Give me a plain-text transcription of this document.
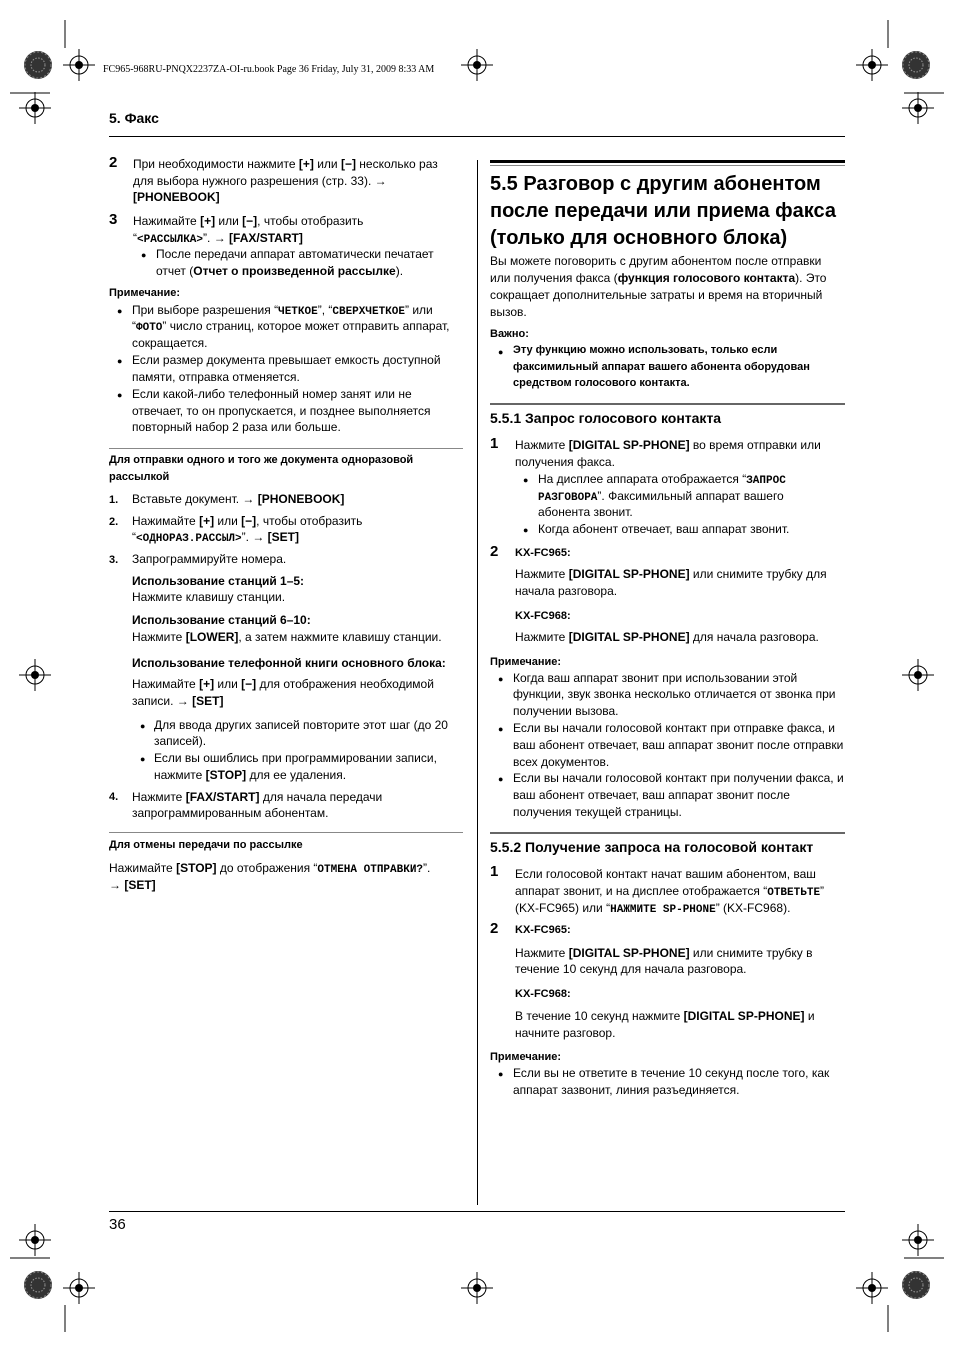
FC965-968RU-PNQX2237ZA-OI-ru.book Page 36 Friday, July 31, 2009 8:33 AM
5. Факс
2 При необходимости нажмите [+] или [−] несколько раз
для выбора нужного разрешения (стр. 33). →
[PHONEBOOK]
3 Нажимайте [+] или [−], чтобы отобразить
“<РАССЫЛКА>”. → [FAX/START]
● После передачи аппарат автоматически печатает
отчет (Отчет о произведенной рассылке).
Примечание:
● При выборе разрешения “ЧЕТКОЕ”, “СВЕРХЧЕТКОЕ” или
“ФОТО” число страниц, которое может отправить аппарат,
сокращается.
● Если размер документа превышает емкость доступной
памяти, отправка отменяется.
● Если какой-либо телефонный номер занят или не
отвечает, то он пропускается, и позднее выполняется
повторный набор 2 раза или больше.
Для отправки одного и того же документа одноразовой
рассылкой
1. Вставьте документ. → [PHONEBOOK]
2. Нажимайте [+] или [−], чтобы отобразить
“<ОДНОРАЗ.РАССЫЛ>”. → [SET]
3. Запрограммируйте номера.
Использование станций 1–5:
Нажмите клавишу станции.
Использование станций 6–10:
Нажмите [LOWER], а затем нажмите клавишу станции.
Использование телефонной книги основного блока:
Нажимайте [+] или [−] для отображения необходимой
записи. → [SET]
● Для ввода других записей повторите этот шаг (до 20
записей).
● Если вы ошиблись при программировании записи,
нажмите [STOP] для ее удаления.
4. Нажмите [FAX/START] для начала передачи
запрограммированным абонентам.
Для отмены передачи по рассылке
Нажимайте [STOP] до отображения “ОТМЕНА ОТПРАВКИ?”.
→ [SET]
5.5 Разговор с другим абонентом
после передачи или приема факса
(только для основного блока)
Вы можете поговорить с другим абонентом после отправки
или получения факса (функция голосового контакта). Это
сокращает дополнительные затраты и время на вторичный
вызов.
Важно:
● Эту функцию можно использовать, только если
факсимильный аппарат вашего абонента оборудован
средством голосового контакта.
5.5.1 Запрос голосового контакта
1 Нажмите [DIGITAL SP-PHONE] во время отправки или
получения факса.
● На дисплее аппарата отображается “ЗАПРОС
РАЗГОВОРА”. Факсимильный аппарат вашего
абонента звонит.
● Когда абонент отвечает, ваш аппарат звонит.
2 KX-FC965:
Нажмите [DIGITAL SP-PHONE] или снимите трубку для
начала разговора.
KX-FC968:
Нажмите [DIGITAL SP-PHONE] для начала разговора.
Примечание:
● Когда ваш аппарат звонит при использовании этой
функции, звук звонка несколько отличается от звонка при
получении вызова.
● Если вы начали голосовой контакт при отправке факса, и
ваш абонент отвечает, ваш аппарат звонит после отправки
всех документов.
● Если вы начали голосовой контакт при получении факса, и
ваш абонент отвечает, ваш аппарат звонит после
получения текущей страницы.
5.5.2 Получение запроса на голосовой контакт
1 Если голосовой контакт начат вашим абонентом, ваш
аппарат звонит, и на дисплее отображается “ОТВЕТЬТЕ”
(KX-FC965) или “НАЖМИТЕ SP-PHONE” (KX-FC968).
2 KX-FC965:
Нажмите [DIGITAL SP-PHONE] или снимите трубку в
течение 10 секунд для начала разговора.
KX-FC968:
В течение 10 секунд нажмите [DIGITAL SP-PHONE] и
начните разговор.
Примечание:
● Если вы не ответите в течение 10 секунд после того, как
аппарат зазвонит, линия разъединяется.
36
